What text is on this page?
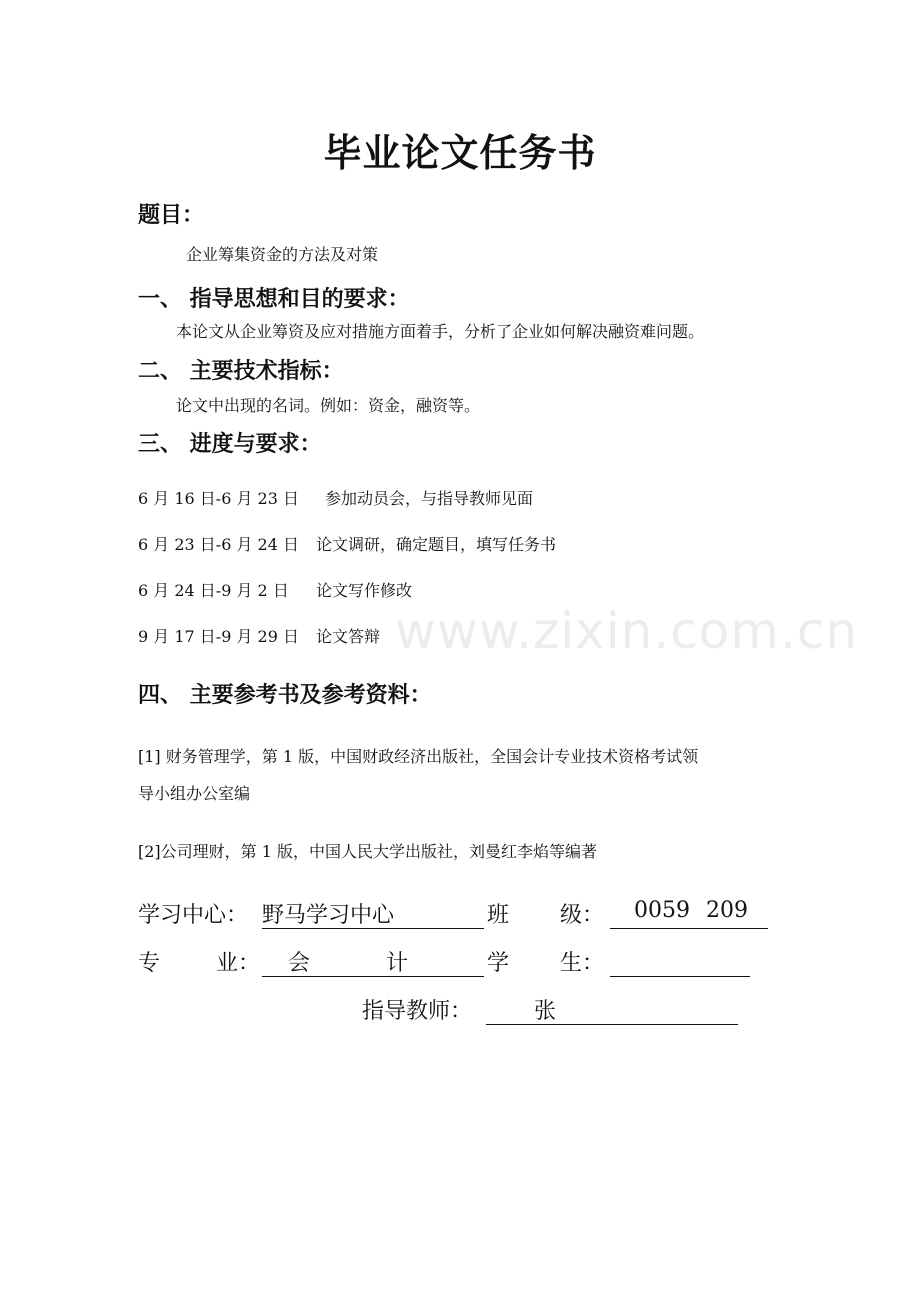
www.zixin.com.cn
毕业论文任务书
题目：
企业筹集资金的方法及对策
一、 指导思想和目的要求：
本论文从企业筹资及应对措施方面着手，分析了企业如何解决融资难问题。
二、 主要技术指标：
论文中出现的名词。例如：资金，融资等。
三、 进度与要求：
6 月 16 日-6 月 23 日 参加动员会，与指导教师见面
6 月 23 日-6 月 24 日 论文调研，确定题目，填写任务书
6 月 24 日-9 月 2 日 论文写作修改
9 月 17 日-9 月 29 日 论文答辩
四、 主要参考书及参考资料：
[1] 财务管理学，第 1 版，中国财政经济出版社，全国会计专业技术资格考试领
导小组办公室编
[2]公司理财，第 1 版，中国人民大学出版社，刘曼红李焰等编著
学习中心： 野马学习中心	班 级： 0059 209
专	业： 会	计	学 生：
指导教师：	张
